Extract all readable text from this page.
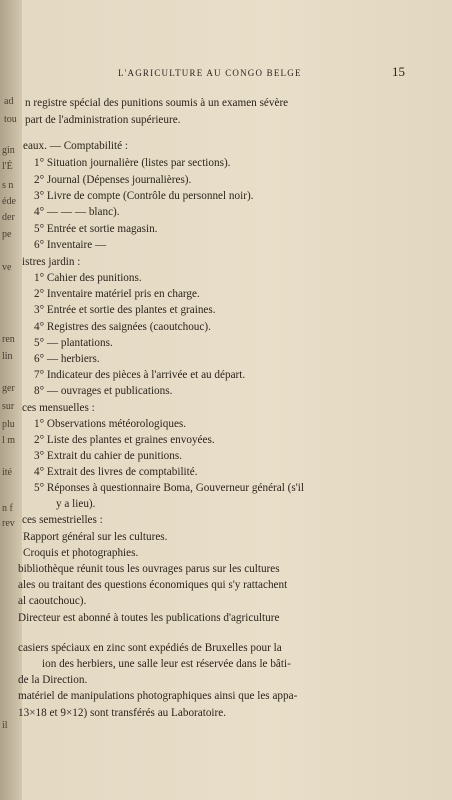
L'AGRICULTURE AU CONGO BELGE	15
ad
tou
gin
l'É
s n
éde
der
pe
ve
ren
lin
ger
sur
plu
l m
ité
n f
rev
il
n registre spécial des punitions soumis à un examen sévère
part de l'administration supérieure.
eaux. — Comptabilité :
1° Situation journalière (listes par sections).
2° Journal (Dépenses journalières).
3° Livre de compte (Contrôle du personnel noir).
4° — — — blanc).
5° Entrée et sortie magasin.
6° Inventaire —
istres jardin :
1° Cahier des punitions.
2° Inventaire matériel pris en charge.
3° Entrée et sortie des plantes et graines.
4° Registres des saignées (caoutchouc).
5° — plantations.
6° — herbiers.
7° Indicateur des pièces à l'arrivée et au départ.
8° — ouvrages et publications.
ces mensuelles :
1° Observations météorologiques.
2° Liste des plantes et graines envoyées.
3° Extrait du cahier de punitions.
4° Extrait des livres de comptabilité.
5° Réponses à questionnaire Boma, Gouverneur général (s'il
y a lieu).
ces semestrielles :
Rapport général sur les cultures.
Croquis et photographies.
bibliothèque réunit tous les ouvrages parus sur les cultures
ales ou traitant des questions économiques qui s'y rattachent
al caoutchouc).
Directeur est abonné à toutes les publications d'agriculture
casiers spéciaux en zinc sont expédiés de Bruxelles pour la
ion des herbiers, une salle leur est réservée dans le bâti-
de la Direction.
matériel de manipulations photographiques ainsi que les appa-
13×18 et 9×12) sont transférés au Laboratoire.
